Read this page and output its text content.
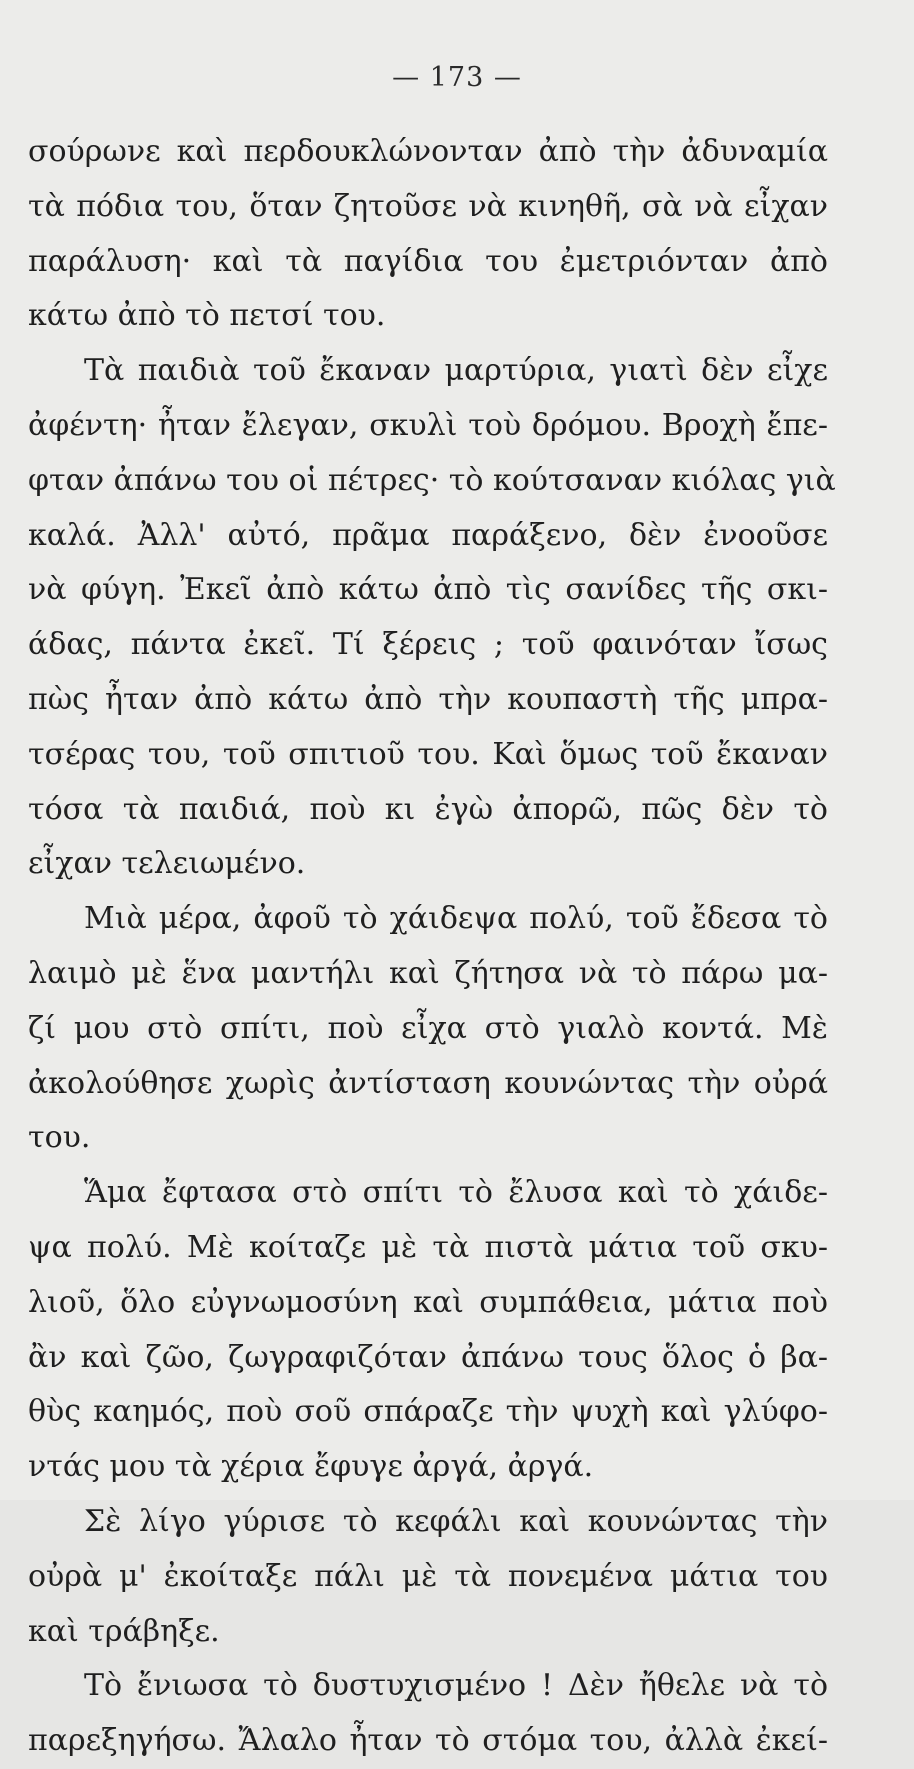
— 173 —
σούρωνε καὶ περδουκλώνονταν ἀπὸ τὴν ἀδυναμία
τὰ πόδια του, ὅταν ζητοῦσε νὰ κινηθῆ, σὰ νὰ εἶχαν
παράλυση· καὶ τὰ παγίδια του ἐμετριόνταν ἀπὸ
κάτω ἀπὸ τὸ πετσί του.
Τὰ παιδιὰ τοῦ ἔκαναν μαρτύρια, γιατὶ δὲν εἶχε
ἀφέντη· ἦταν ἔλεγαν, σκυλὶ τοὺ δρόμου. Βροχὴ ἔπε-
φταν ἀπάνω του οἱ πέτρες· τὸ κούτσαναν κιόλας γιὰ
καλά. Ἀλλ' αὐτό, πρᾶμα παράξενο, δὲν ἐνοοῦσε
νὰ φύγη. Ἐκεῖ ἀπὸ κάτω ἀπὸ τὶς σανίδες τῆς σκι-
άδας, πάντα ἐκεῖ. Τί ξέρεις ; τοῦ φαινόταν ἴσως
πὼς ἦταν ἀπὸ κάτω ἀπὸ τὴν κουπαστὴ τῆς μπρα-
τσέρας του, τοῦ σπιτιοῦ του. Καὶ ὅμως τοῦ ἔκαναν
τόσα τὰ παιδιά, ποὺ κι ἐγὼ ἀπορῶ, πῶς δὲν τὸ
εἶχαν τελειωμένο.
Μιὰ μέρα, ἀφοῦ τὸ χάιδεψα πολύ, τοῦ ἔδεσα τὸ
λαιμὸ μὲ ἕνα μαντήλι καὶ ζήτησα νὰ τὸ πάρω μα-
ζί μου στὸ σπίτι, ποὺ εἶχα στὸ γιαλὸ κοντά. Μὲ
ἀκολούθησε χωρὶς ἀντίσταση κουνώντας τὴν οὐρά
του.
Ἅμα ἔφτασα στὸ σπίτι τὸ ἔλυσα καὶ τὸ χάιδε-
ψα πολύ. Μὲ κοίταζε μὲ τὰ πιστὰ μάτια τοῦ σκυ-
λιοῦ, ὅλο εὐγνωμοσύνη καὶ συμπάθεια, μάτια ποὺ
ἂν καὶ ζῶο, ζωγραφιζόταν ἀπάνω τους ὅλος ὁ βα-
θὺς καημός, ποὺ σοῦ σπάραζε τὴν ψυχὴ καὶ γλύφο-
ντάς μου τὰ χέρια ἔφυγε ἀργά, ἀργά.
Σὲ λίγο γύρισε τὸ κεφάλι καὶ κουνώντας τὴν
οὐρὰ μ' ἐκοίταξε πάλι μὲ τὰ πονεμένα μάτια του
καὶ τράβηξε.
Τὸ ἔνιωσα τὸ δυστυχισμένο ! Δὲν ἤθελε νὰ τὸ
παρεξηγήσω. Ἄλαλο ἦταν τὸ στόμα του, ἀλλὰ ἐκεί-
